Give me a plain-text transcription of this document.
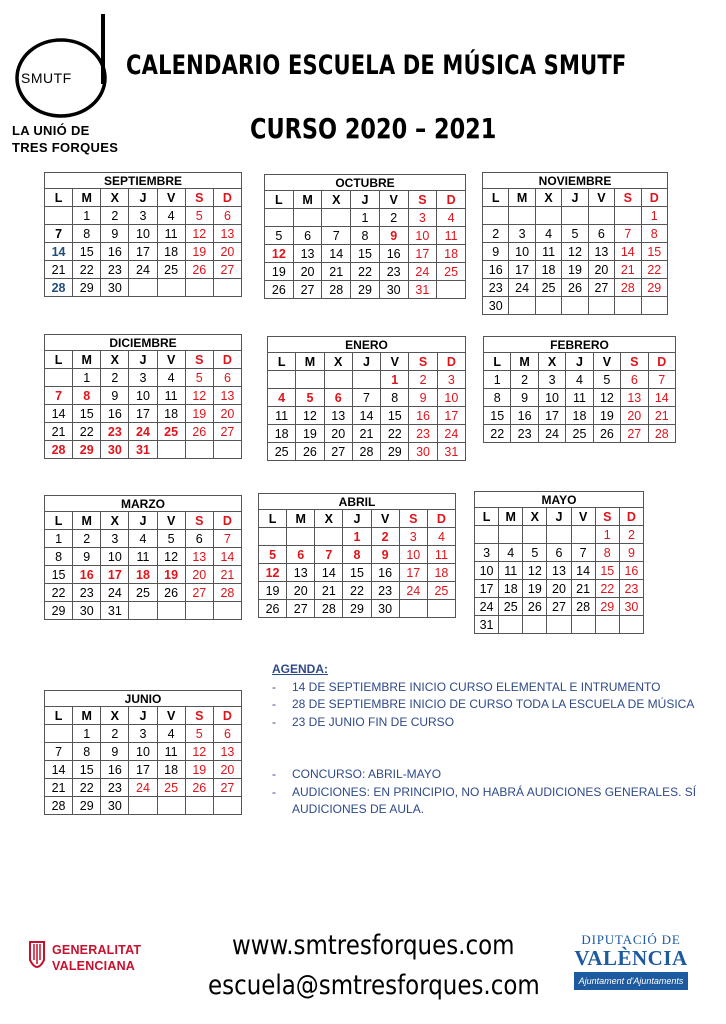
SMUTF
LA UNIÓ DE
TRES FORQUES
CALENDARIO ESCUELA DE MÚSICA SMUTF
CURSO 2020 – 2021
SEPTIEMBRE						
L	M	X	J	V	S	D
	1	2	3	4	5	6
7	8	9	10	11	12	13
14	15	16	17	18	19	20
21	22	23	24	25	26	27
28	29	30				
OCTUBRE						
L	M	X	J	V	S	D
			1	2	3	4
5	6	7	8	9	10	11
12	13	14	15	16	17	18
19	20	21	22	23	24	25
26	27	28	29	30	31	
NOVIEMBRE						
L	M	X	J	V	S	D
						1
2	3	4	5	6	7	8
9	10	11	12	13	14	15
16	17	18	19	20	21	22
23	24	25	26	27	28	29
30						
DICIEMBRE						
L	M	X	J	V	S	D
	1	2	3	4	5	6
7	8	9	10	11	12	13
14	15	16	17	18	19	20
21	22	23	24	25	26	27
28	29	30	31			
ENERO						
L	M	X	J	V	S	D
				1	2	3
4	5	6	7	8	9	10
11	12	13	14	15	16	17
18	19	20	21	22	23	24
25	26	27	28	29	30	31
FEBRERO						
L	M	X	J	V	S	D
1	2	3	4	5	6	7
8	9	10	11	12	13	14
15	16	17	18	19	20	21
22	23	24	25	26	27	28
MARZO						
L	M	X	J	V	S	D
1	2	3	4	5	6	7
8	9	10	11	12	13	14
15	16	17	18	19	20	21
22	23	24	25	26	27	28
29	30	31				
ABRIL						
L	M	X	J	V	S	D
			1	2	3	4
5	6	7	8	9	10	11
12	13	14	15	16	17	18
19	20	21	22	23	24	25
26	27	28	29	30		
MAYO						
L	M	X	J	V	S	D
					1	2
3	4	5	6	7	8	9
10	11	12	13	14	15	16
17	18	19	20	21	22	23
24	25	26	27	28	29	30
31						
JUNIO						
L	M	X	J	V	S	D
	1	2	3	4	5	6
7	8	9	10	11	12	13
14	15	16	17	18	19	20
21	22	23	24	25	26	27
28	29	30				
AGENDA:
- 14 DE SEPTIEMBRE INICIO CURSO ELEMENTAL E INTRUMENTO
- 28 DE SEPTIEMBRE INICIO DE CURSO TODA LA ESCUELA DE MÚSICA
- 23 DE JUNIO FIN DE CURSO
- CONCURSO: ABRIL-MAYO
- AUDICIONES: EN PRINCIPIO, NO HABRÁ AUDICIONES GENERALES. SÍ AUDICIONES DE AULA.
GENERALITAT
VALENCIANA
www.smtresforques.com
escuela@smtresforques.com
DIPUTACIÓ DE
VALÈNCIA
Ajuntament d'Ajuntaments
